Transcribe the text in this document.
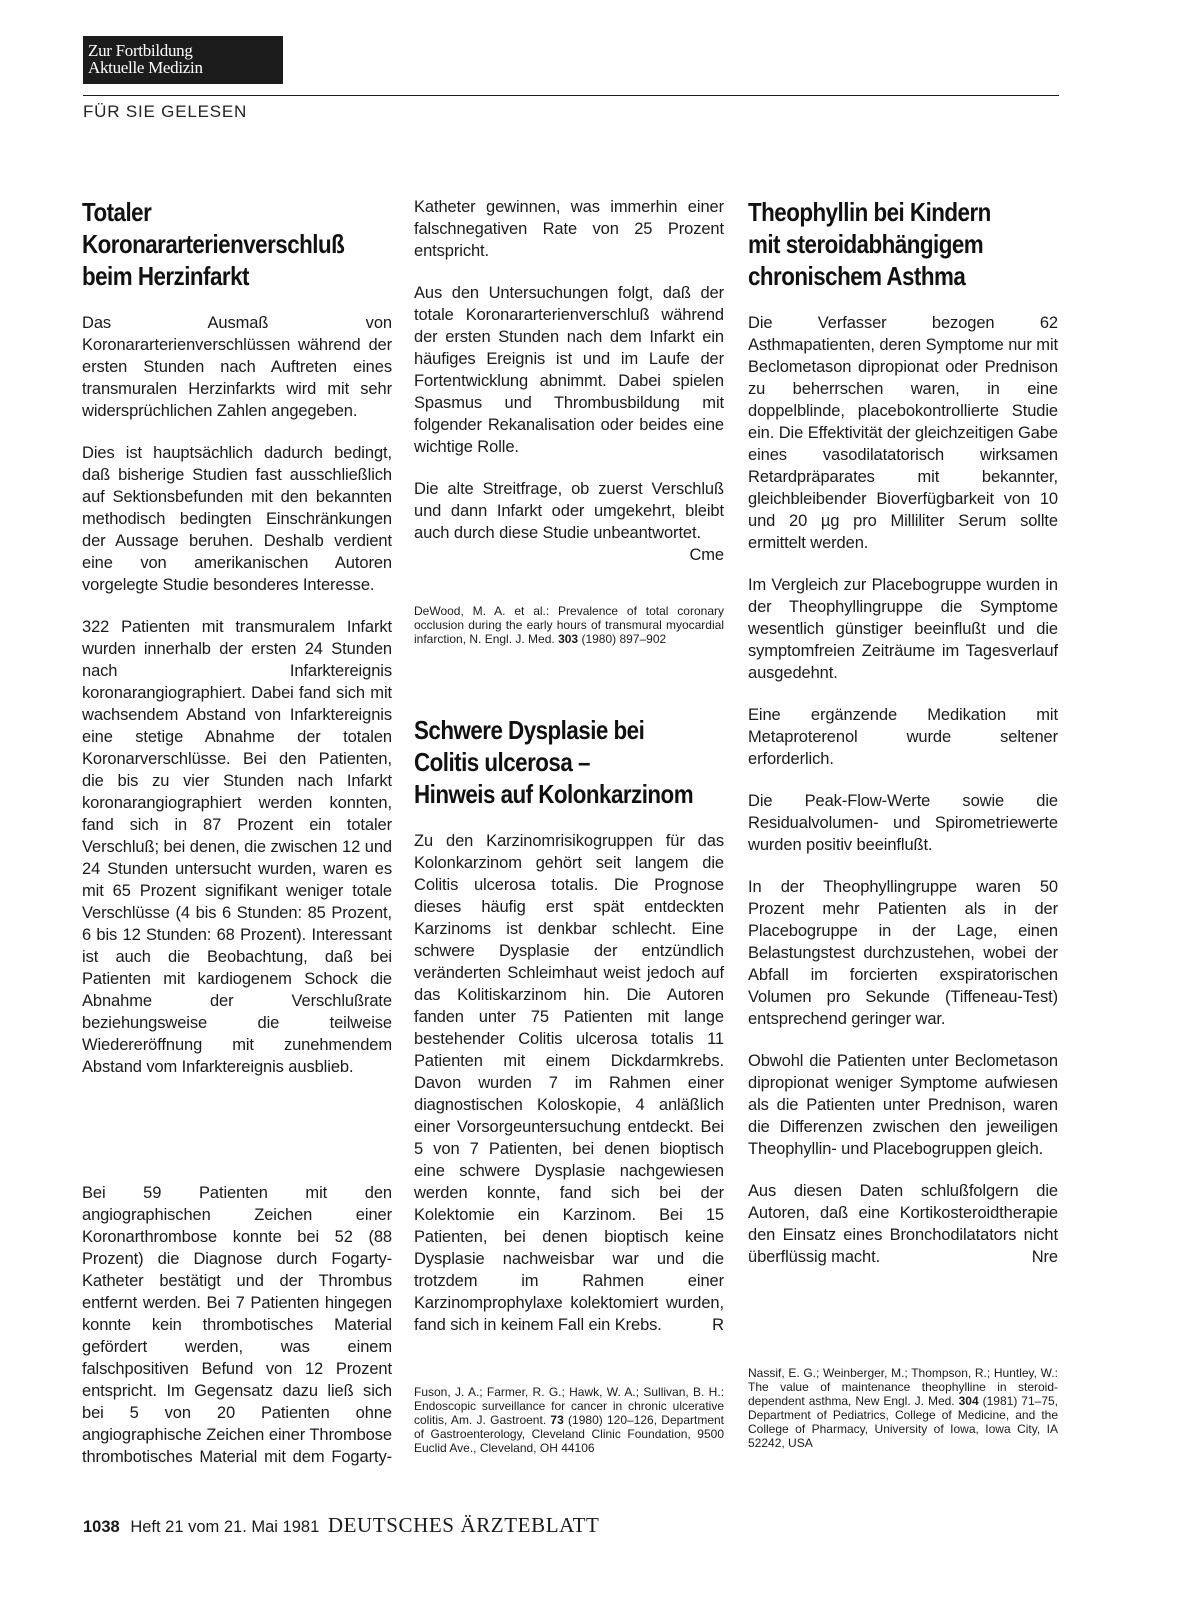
Zur Fortbildung
Aktuelle Medizin
FÜR SIE GELESEN
Totaler
Koronararterienverschluß
beim Herzinfarkt

Das Ausmaß von Koronararterienverschlüssen während der ersten Stunden nach Auftreten eines transmuralen Herzinfarkts wird mit sehr widersprüchlichen Zahlen angegeben.

Dies ist hauptsächlich dadurch bedingt, daß bisherige Studien fast ausschließlich auf Sektionsbefunden mit den bekannten methodisch bedingten Einschränkungen der Aussage beruhen. Deshalb verdient eine von amerikanischen Autoren vorgelegte Studie besonderes Interesse.

322 Patienten mit transmuralem Infarkt wurden innerhalb der ersten 24 Stunden nach Infarktereignis koronarangiographiert. Dabei fand sich mit wachsendem Abstand von Infarktereignis eine stetige Abnahme der totalen Koronarverschlüsse. Bei den Patienten, die bis zu vier Stunden nach Infarkt koronarangiographiert werden konnten, fand sich in 87 Prozent ein totaler Verschluß; bei denen, die zwischen 12 und 24 Stunden untersucht wurden, waren es mit 65 Prozent signifikant weniger totale Verschlüsse (4 bis 6 Stunden: 85 Prozent, 6 bis 12 Stunden: 68 Prozent). Interessant ist auch die Beobachtung, daß bei Patienten mit kardiogenem Schock die Abnahme der Verschlußrate beziehungsweise die teilweise Wiedereröffnung mit zunehmendem Abstand vom Infarktereignis ausblieb.

Bei 59 Patienten mit den angiographischen Zeichen einer Koronarthrombose konnte bei 52 (88 Prozent) die Diagnose durch Fogarty-Katheter bestätigt und der Thrombus entfernt werden. Bei 7 Patienten hingegen konnte kein thrombotisches Material gefördert werden, was einem falschpositiven Befund von 12 Prozent entspricht. Im Gegensatz dazu ließ sich bei 5 von 20 Patienten ohne angiographische Zeichen einer Thrombose thrombotisches Material mit dem Fogarty-

Katheter gewinnen, was immerhin einer falschnegativen Rate von 25 Prozent entspricht.

Aus den Untersuchungen folgt, daß der totale Koronararterienverschluß während der ersten Stunden nach dem Infarkt ein häufiges Ereignis ist und im Laufe der Fortentwicklung abnimmt. Dabei spielen Spasmus und Thrombusbildung mit folgender Rekanalisation oder beides eine wichtige Rolle.

Die alte Streitfrage, ob zuerst Verschluß und dann Infarkt oder umgekehrt, bleibt auch durch diese Studie unbeantwortet.
Cme

DeWood, M. A. et al.: Prevalence of total coronary occlusion during the early hours of transmural myocardial infarction, N. Engl. J. Med. 303 (1980) 897–902

Schwere Dysplasie bei
Colitis ulcerosa –
Hinweis auf Kolonkarzinom

Zu den Karzinomrisikogruppen für das Kolonkarzinom gehört seit langem die Colitis ulcerosa totalis. Die Prognose dieses häufig erst spät entdeckten Karzinoms ist denkbar schlecht. Eine schwere Dysplasie der entzündlich veränderten Schleimhaut weist jedoch auf das Kolitiskarzinom hin. Die Autoren fanden unter 75 Patienten mit lange bestehender Colitis ulcerosa totalis 11 Patienten mit einem Dickdarmkrebs. Davon wurden 7 im Rahmen einer diagnostischen Koloskopie, 4 anläßlich einer Vorsorgeuntersuchung entdeckt. Bei 5 von 7 Patienten, bei denen bioptisch eine schwere Dysplasie nachgewiesen werden konnte, fand sich bei der Kolektomie ein Karzinom. Bei 15 Patienten, bei denen bioptisch keine Dysplasie nachweisbar war und die trotzdem im Rahmen einer Karzinomprophylaxe kolektomiert wurden, fand sich in keinem Fall ein Krebs.	R

Fuson, J. A.; Farmer, R. G.; Hawk, W. A.; Sullivan, B. H.: Endoscopic surveillance for cancer in chronic ulcerative colitis, Am. J. Gastroent. 73 (1980) 120–126, Department of Gastroenterology, Cleveland Clinic Foundation, 9500 Euclid Ave., Cleveland, OH 44106

Theophyllin bei Kindern
mit steroidabhängigem
chronischem Asthma

Die Verfasser bezogen 62 Asthmapatienten, deren Symptome nur mit Beclometason dipropionat oder Prednison zu beherrschen waren, in eine doppelblinde, placebokontrollierte Studie ein. Die Effektivität der gleichzeitigen Gabe eines vasodilatatorisch wirksamen Retardpräparates mit bekannter, gleichbleibender Bioverfügbarkeit von 10 und 20 µg pro Milliliter Serum sollte ermittelt werden.

Im Vergleich zur Placebogruppe wurden in der Theophyllingruppe die Symptome wesentlich günstiger beeinflußt und die symptomfreien Zeiträume im Tagesverlauf ausgedehnt.

Eine ergänzende Medikation mit Metaproterenol wurde seltener erforderlich.

Die Peak-Flow-Werte sowie die Residualvolumen- und Spirometriewerte wurden positiv beeinflußt.

In der Theophyllingruppe waren 50 Prozent mehr Patienten als in der Placebogruppe in der Lage, einen Belastungstest durchzustehen, wobei der Abfall im forcierten exspiratorischen Volumen pro Sekunde (Tiffeneau-Test) entsprechend geringer war.

Obwohl die Patienten unter Beclometason dipropionat weniger Symptome aufwiesen als die Patienten unter Prednison, waren die Differenzen zwischen den jeweiligen Theophyllin- und Placebogruppen gleich.

Aus diesen Daten schlußfolgern die Autoren, daß eine Kortikosteroidtherapie den Einsatz eines Bronchodilatators nicht überflüssig macht.	Nre

Nassif, E. G.; Weinberger, M.; Thompson, R.; Huntley, W.: The value of maintenance theophylline in steroid-dependent asthma, New Engl. J. Med. 304 (1981) 71–75, Department of Pediatrics, College of Medicine, and the College of Pharmacy, University of Iowa, Iowa City, IA 52242, USA

1038 Heft 21 vom 21. Mai 1981 DEUTSCHES ÄRZTEBLATT
